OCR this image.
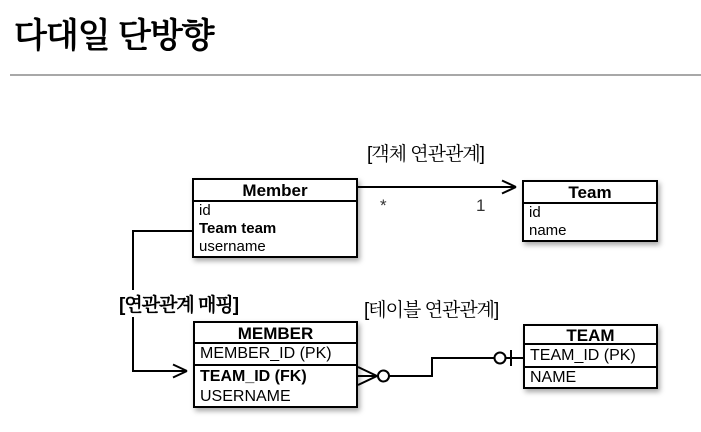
다대일 단방향
Member
id
Team team
username
Team
id
name
MEMBER
MEMBER_ID (PK)
TEAM_ID (FK)
USERNAME
TEAM
TEAM_ID (PK)
NAME
[객체 연관관계]
*	1
[연관관계 매핑]	[테이블 연관관계]
